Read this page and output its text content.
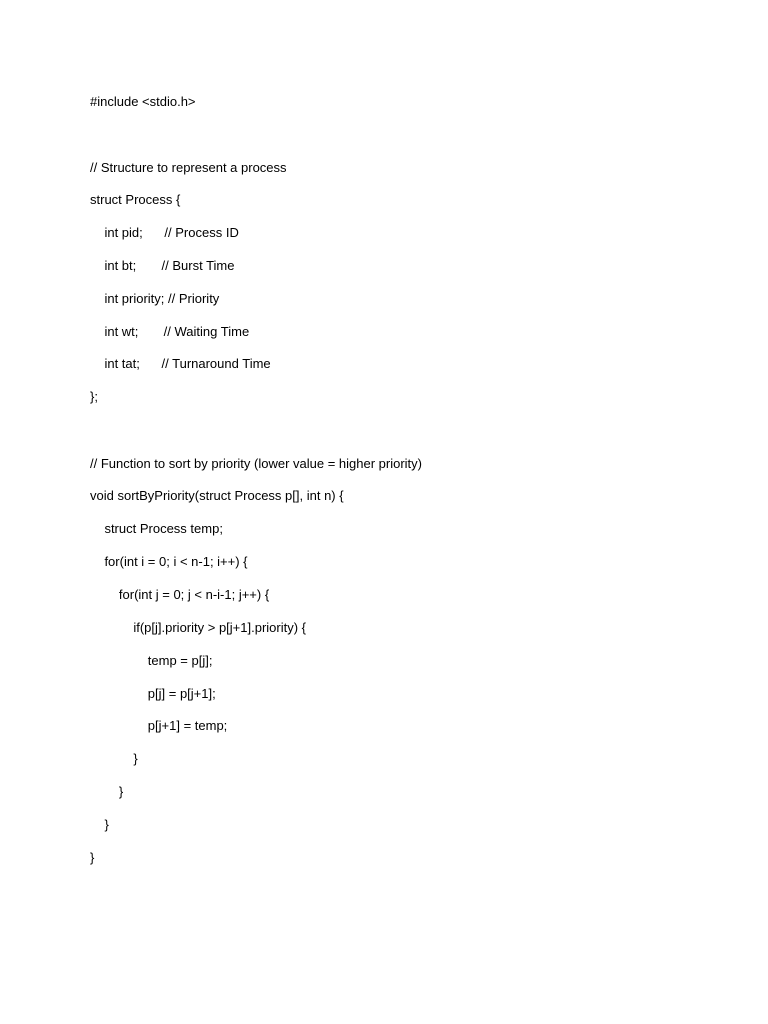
#include <stdio.h>
// Structure to represent a process
struct Process {
int pid;      // Process ID
int bt;       // Burst Time
int priority; // Priority
int wt;       // Waiting Time
int tat;      // Turnaround Time
};
// Function to sort by priority (lower value = higher priority)
void sortByPriority(struct Process p[], int n) {
struct Process temp;
for(int i = 0; i < n-1; i++) {
for(int j = 0; j < n-i-1; j++) {
if(p[j].priority > p[j+1].priority) {
temp = p[j];
p[j] = p[j+1];
p[j+1] = temp;
}
}
}
}
